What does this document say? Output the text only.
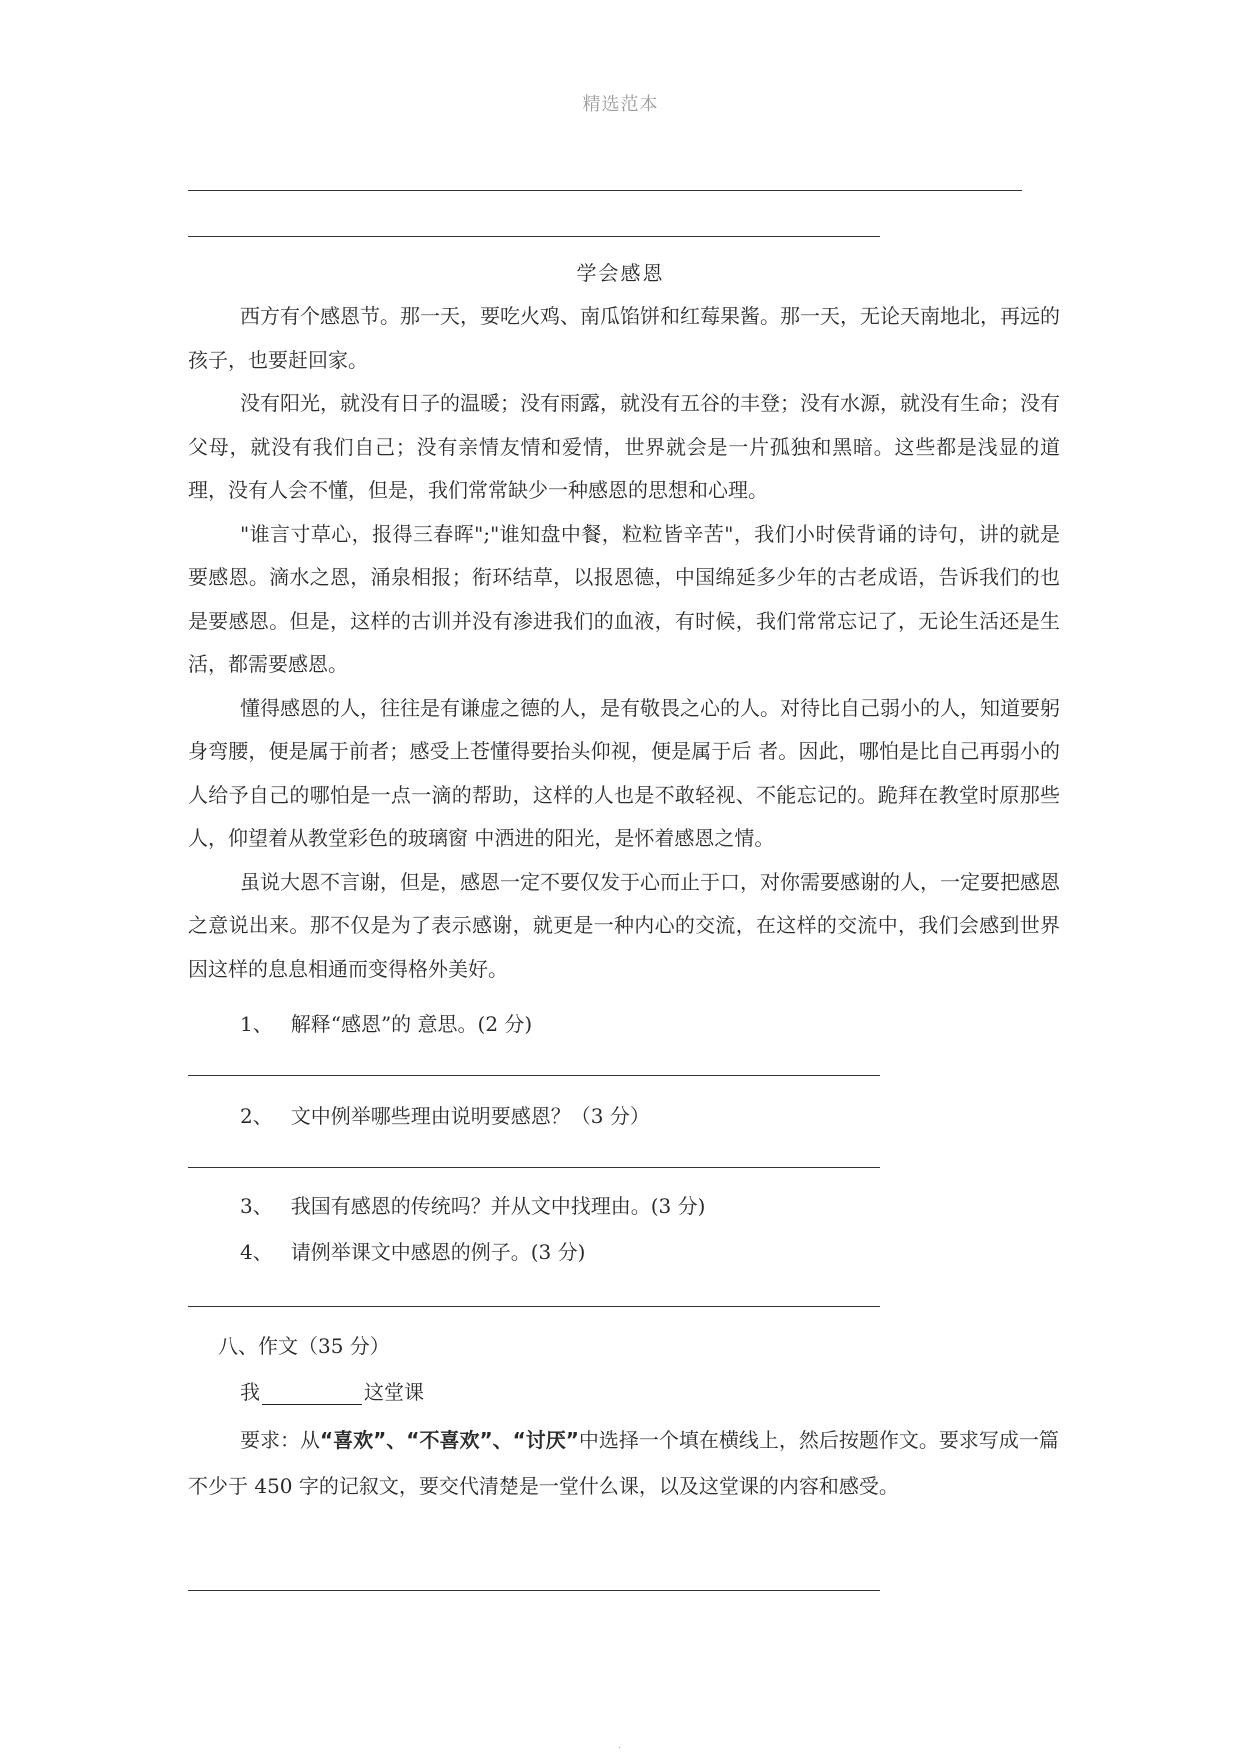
精选范本
学会感恩

西方有个感恩节。那一天，要吃火鸡、南瓜馅饼和红莓果酱。那一天，无论天南地北，再远的孩子，也要赶回家。

没有阳光，就没有日子的温暖；没有雨露，就没有五谷的丰登；没有水源，就没有生命；没有父母，就没有我们自己；没有亲情友情和爱情，世界就会是一片孤独和黑暗。这些都是浅显的道理，没有人会不懂，但是，我们常常缺少一种感恩的思想和心理。

"谁言寸草心，报得三春晖";"谁知盘中餐，粒粒皆辛苦"，我们小时侯背诵的诗句，讲的就是要感恩。滴水之恩，涌泉相报；衔环结草，以报恩德，中国绵延多少年的古老成语，告诉我们的也是要感恩。但是，这样的古训并没有渗进我们的血液，有时候，我们常常忘记了，无论生活还是生活，都需要感恩。

懂得感恩的人，往往是有谦虚之德的人，是有敬畏之心的人。对待比自己弱小的人，知道要躬身弯腰，便是属于前者；感受上苍懂得要抬头仰视，便是属于后 者。因此，哪怕是比自己再弱小的人给予自己的哪怕是一点一滴的帮助，这样的人也是不敢轻视、不能忘记的。跪拜在教堂时原那些人，仰望着从教堂彩色的玻璃窗 中洒进的阳光，是怀着感恩之情。

虽说大恩不言谢，但是，感恩一定不要仅发于心而止于口，对你需要感谢的人，一定要把感恩之意说出来。那不仅是为了表示感谢，就更是一种内心的交流，在这样的交流中，我们会感到世界因这样的息息相通而变得格外美好。

1、 解释“感恩”的 意思。(2 分)
2、 文中例举哪些理由说明要感恩？（3 分）
3、 我国有感恩的传统吗？并从文中找理由。(3 分)
4、 请例举课文中感恩的例子。(3 分)
八、作文（35 分）
我	这堂课

要求：从“喜欢”、“不喜欢”、“讨厌”中选择一个填在横线上，然后按题作文。要求写成一篇不少于 450 字的记叙文，要交代清楚是一堂什么课，以及这堂课的内容和感受。

.
